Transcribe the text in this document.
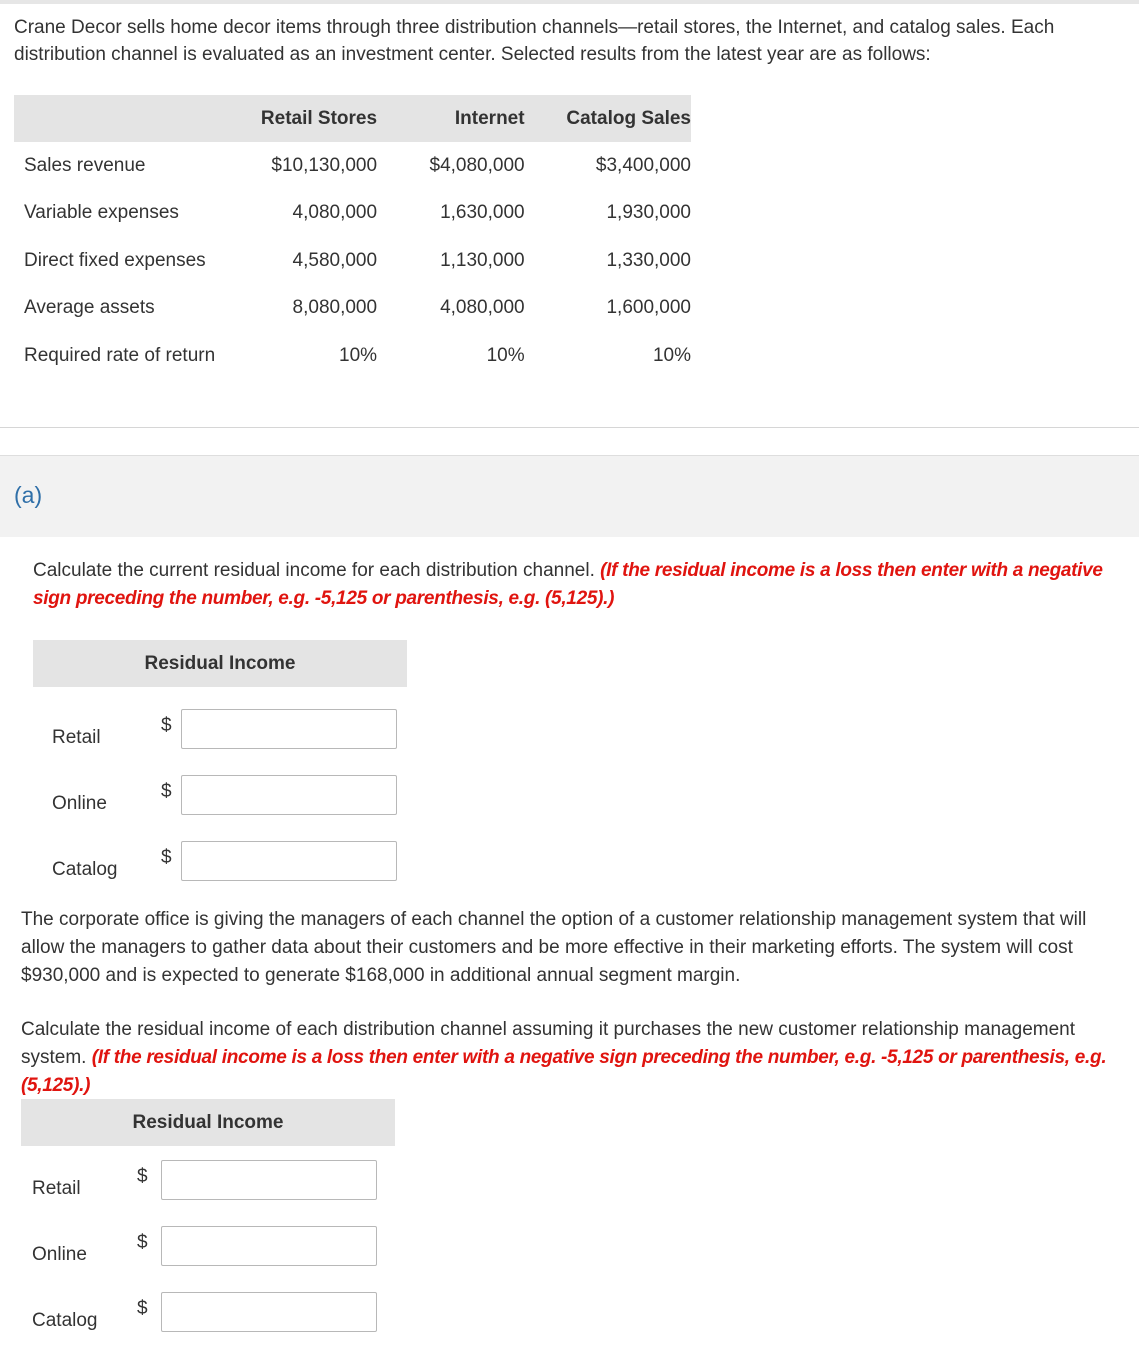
Crane Decor sells home decor items through three distribution channels—retail stores, the Internet, and catalog sales. Each distribution channel is evaluated as an investment center. Selected results from the latest year are as follows:

	Retail Stores	Internet	Catalog Sales
Sales revenue	$10,130,000	$4,080,000	$3,400,000
Variable expenses	4,080,000	1,630,000	1,930,000
Direct fixed expenses	4,580,000	1,130,000	1,330,000
Average assets	8,080,000	4,080,000	1,600,000
Required rate of return	10%	10%	10%
(a)

Calculate the current residual income for each distribution channel. (If the residual income is a loss then enter with a negative sign preceding the number, e.g. -5,125 or parenthesis, e.g. (5,125).)

Residual Income
Retail
$
Online
$
Catalog
$

The corporate office is giving the managers of each channel the option of a customer relationship management system that will allow the managers to gather data about their customers and be more effective in their marketing efforts. The system will cost $930,000 and is expected to generate $168,000 in additional annual segment margin.

Calculate the residual income of each distribution channel assuming it purchases the new customer relationship management system. (If the residual income is a loss then enter with a negative sign preceding the number, e.g. -5,125 or parenthesis, e.g. (5,125).)

Residual Income
Retail
$
Online
$
Catalog
$
